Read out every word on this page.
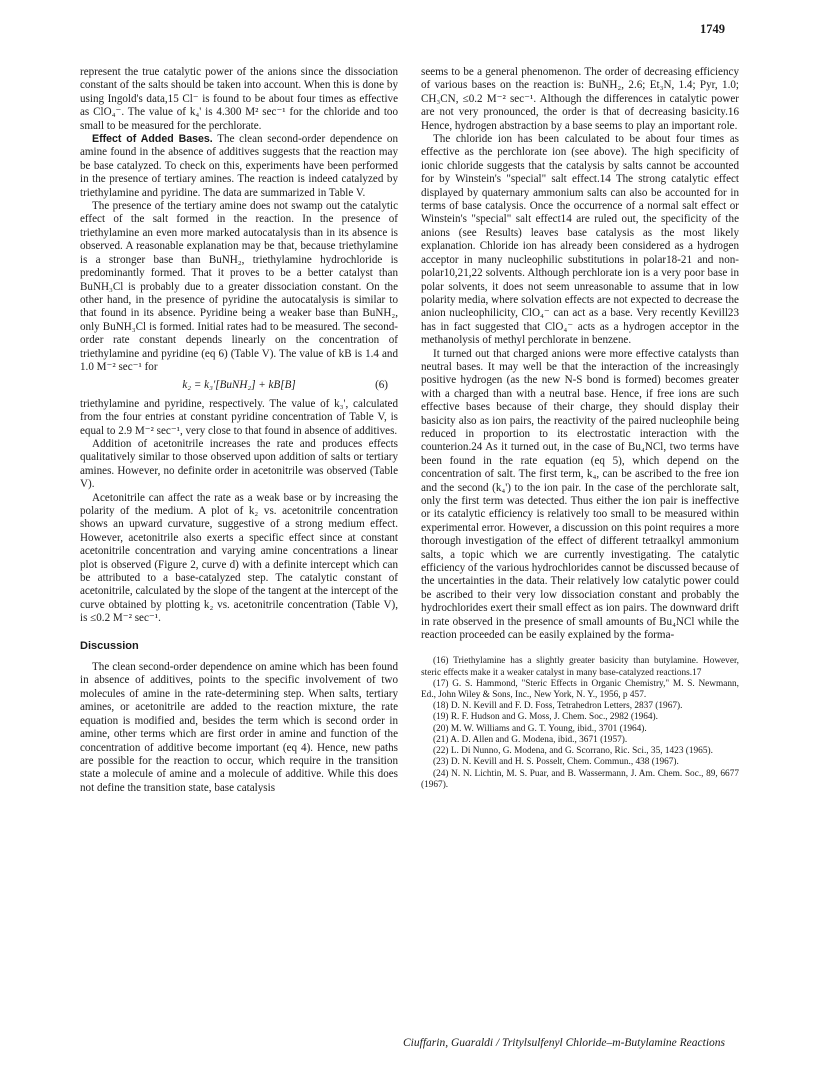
1749

represent the true catalytic power of the anions since the dissociation constant of the salts should be taken into account. When this is done by using Ingold's data,15 Cl⁻ is found to be about four times as effective as ClO₄⁻. The value of k₄' is 4.300 M² sec⁻¹ for the chloride and too small to be measured for the perchlorate.

Effect of Added Bases. The clean second-order dependence on amine found in the absence of additives suggests that the reaction may be base catalyzed. To check on this, experiments have been performed in the presence of tertiary amines. The reaction is indeed catalyzed by triethylamine and pyridine. The data are summarized in Table V.

The presence of the tertiary amine does not swamp out the catalytic effect of the salt formed in the reaction. In the presence of triethylamine an even more marked autocatalysis than in its absence is observed. A reasonable explanation may be that, because triethylamine is a stronger base than BuNH₂, triethylamine hydrochloride is predominantly formed. That it proves to be a better catalyst than BuNH₃Cl is probably due to a greater dissociation constant. On the other hand, in the presence of pyridine the autocatalysis is similar to that found in its absence. Pyridine being a weaker base than BuNH₂, only BuNH₃Cl is formed. Initial rates had to be measured. The second-order rate constant depends linearly on the concentration of triethylamine and pyridine (eq 6) (Table V). The value of kB is 1.4 and 1.0 M⁻² sec⁻¹ for

k₂ = k₃'[BuNH₂] + kB[B]	(6)

triethylamine and pyridine, respectively. The value of k₃', calculated from the four entries at constant pyridine concentration of Table V, is equal to 2.9 M⁻² sec⁻¹, very close to that found in absence of additives.

Addition of acetonitrile increases the rate and produces effects qualitatively similar to those observed upon addition of salts or tertiary amines. However, no definite order in acetonitrile was observed (Table V).

Acetonitrile can affect the rate as a weak base or by increasing the polarity of the medium. A plot of k₂ vs. acetonitrile concentration shows an upward curvature, suggestive of a strong medium effect. However, acetonitrile also exerts a specific effect since at constant acetonitrile concentration and varying amine concentrations a linear plot is observed (Figure 2, curve d) with a definite intercept which can be attributed to a base-catalyzed step. The catalytic constant of acetonitrile, calculated by the slope of the tangent at the intercept of the curve obtained by plotting k₂ vs. acetonitrile concentration (Table V), is ≤0.2 M⁻² sec⁻¹.

Discussion

The clean second-order dependence on amine which has been found in absence of additives, points to the specific involvement of two molecules of amine in the rate-determining step. When salts, tertiary amines, or acetonitrile are added to the reaction mixture, the rate equation is modified and, besides the term which is second order in amine, other terms which are first order in amine and function of the concentration of additive become important (eq 4). Hence, new paths are possible for the reaction to occur, which require in the transition state a molecule of amine and a molecule of additive. While this does not define the transition state, base catalysis

seems to be a general phenomenon. The order of decreasing efficiency of various bases on the reaction is: BuNH₂, 2.6; Et₃N, 1.4; Pyr, 1.0; CH₃CN, ≤0.2 M⁻² sec⁻¹. Although the differences in catalytic power are not very pronounced, the order is that of decreasing basicity.16 Hence, hydrogen abstraction by a base seems to play an important role.

The chloride ion has been calculated to be about four times as effective as the perchlorate ion (see above). The high specificity of ionic chloride suggests that the catalysis by salts cannot be accounted for by Winstein's "special" salt effect.14 The strong catalytic effect displayed by quaternary ammonium salts can also be accounted for in terms of base catalysis. Once the occurrence of a normal salt effect or Winstein's "special" salt effect14 are ruled out, the specificity of the anions (see Results) leaves base catalysis as the most likely explanation. Chloride ion has already been considered as a hydrogen acceptor in many nucleophilic substitutions in polar18-21 and non-polar10,21,22 solvents. Although perchlorate ion is a very poor base in polar solvents, it does not seem unreasonable to assume that in low polarity media, where solvation effects are not expected to decrease the anion nucleophilicity, ClO₄⁻ can act as a base. Very recently Kevill23 has in fact suggested that ClO₄⁻ acts as a hydrogen acceptor in the methanolysis of methyl perchlorate in benzene.

It turned out that charged anions were more effective catalysts than neutral bases. It may well be that the interaction of the increasingly positive hydrogen (as the new N-S bond is formed) becomes greater with a charged than with a neutral base. Hence, if free ions are such effective bases because of their charge, they should display their basicity also as ion pairs, the reactivity of the paired nucleophile being reduced in proportion to its electrostatic interaction with the counterion.24 As it turned out, in the case of Bu₄NCl, two terms have been found in the rate equation (eq 5), which depend on the concentration of salt. The first term, k₄, can be ascribed to the free ion and the second (k₄') to the ion pair. In the case of the perchlorate salt, only the first term was detected. Thus either the ion pair is ineffective or its catalytic efficiency is relatively too small to be measured within experimental error. However, a discussion on this point requires a more thorough investigation of the effect of different tetraalkyl ammonium salts, a topic which we are currently investigating. The catalytic efficiency of the various hydrochlorides cannot be discussed because of the uncertainties in the data. Their relatively low catalytic power could be ascribed to their very low dissociation constant and probably the hydrochlorides exert their small effect as ion pairs. The downward drift in rate observed in the presence of small amounts of Bu₄NCl while the reaction proceeded can be easily explained by the forma-

(16) Triethylamine has a slightly greater basicity than butylamine. However, steric effects make it a weaker catalyst in many base-catalyzed reactions.17

(17) G. S. Hammond, "Steric Effects in Organic Chemistry," M. S. Newmann, Ed., John Wiley & Sons, Inc., New York, N. Y., 1956, p 457.

(18) D. N. Kevill and F. D. Foss, Tetrahedron Letters, 2837 (1967).

(19) R. F. Hudson and G. Moss, J. Chem. Soc., 2982 (1964).

(20) M. W. Williams and G. T. Young, ibid., 3701 (1964).

(21) A. D. Allen and G. Modena, ibid., 3671 (1957).

(22) L. Di Nunno, G. Modena, and G. Scorrano, Ric. Sci., 35, 1423 (1965).

(23) D. N. Kevill and H. S. Posselt, Chem. Commun., 438 (1967).

(24) N. N. Lichtin, M. S. Puar, and B. Wassermann, J. Am. Chem. Soc., 89, 6677 (1967).

Ciuffarin, Guaraldi / Tritylsulfenyl Chloride–m-Butylamine Reactions
